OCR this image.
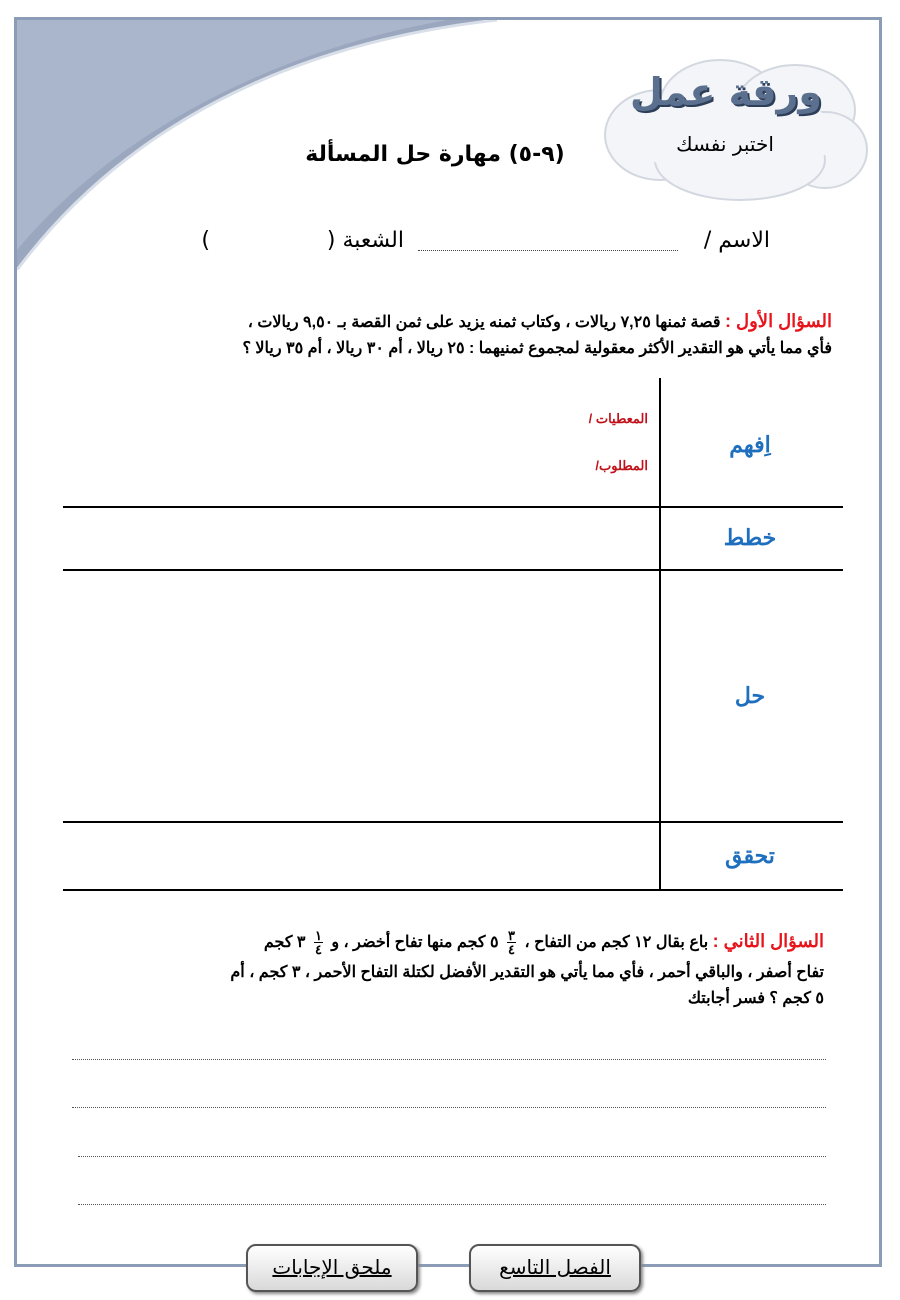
ورقة عمل
اختبر نفسك
(٩-٥) مهارة حل المسألة
الاسم /
الشعبة (
)
السؤال الأول : قصة ثمنها ٧,٢٥ ريالات ، وكتاب ثمنه يزيد على ثمن القصة بـ ٩,٥٠ ريالات ،
فأي مما يأتي هو التقدير الأكثر معقولية لمجموع ثمنيهما : ٢٥ ريالا ، أم ٣٠ ريالا ، أم ٣٥ ريالا ؟
اِفهم
المعطيات /
المطلوب/
خطط
حل
تحقق
السؤال الثاني : باع بقال ١٢ كجم من التفاح ،
$\frac{٣}{٤}$
٥ كجم منها تفاح أخضر ، و
$\frac{١}{٤}$
٣ كجم
تفاح أصفر ، والباقي أحمر ، فأي مما يأتي هو التقدير الأفضل لكتلة التفاح الأحمر ، ٣ كجم ، أم
٥ كجم ؟ فسر أجابتك
الفصل التاسع
ملحق الإجابات
